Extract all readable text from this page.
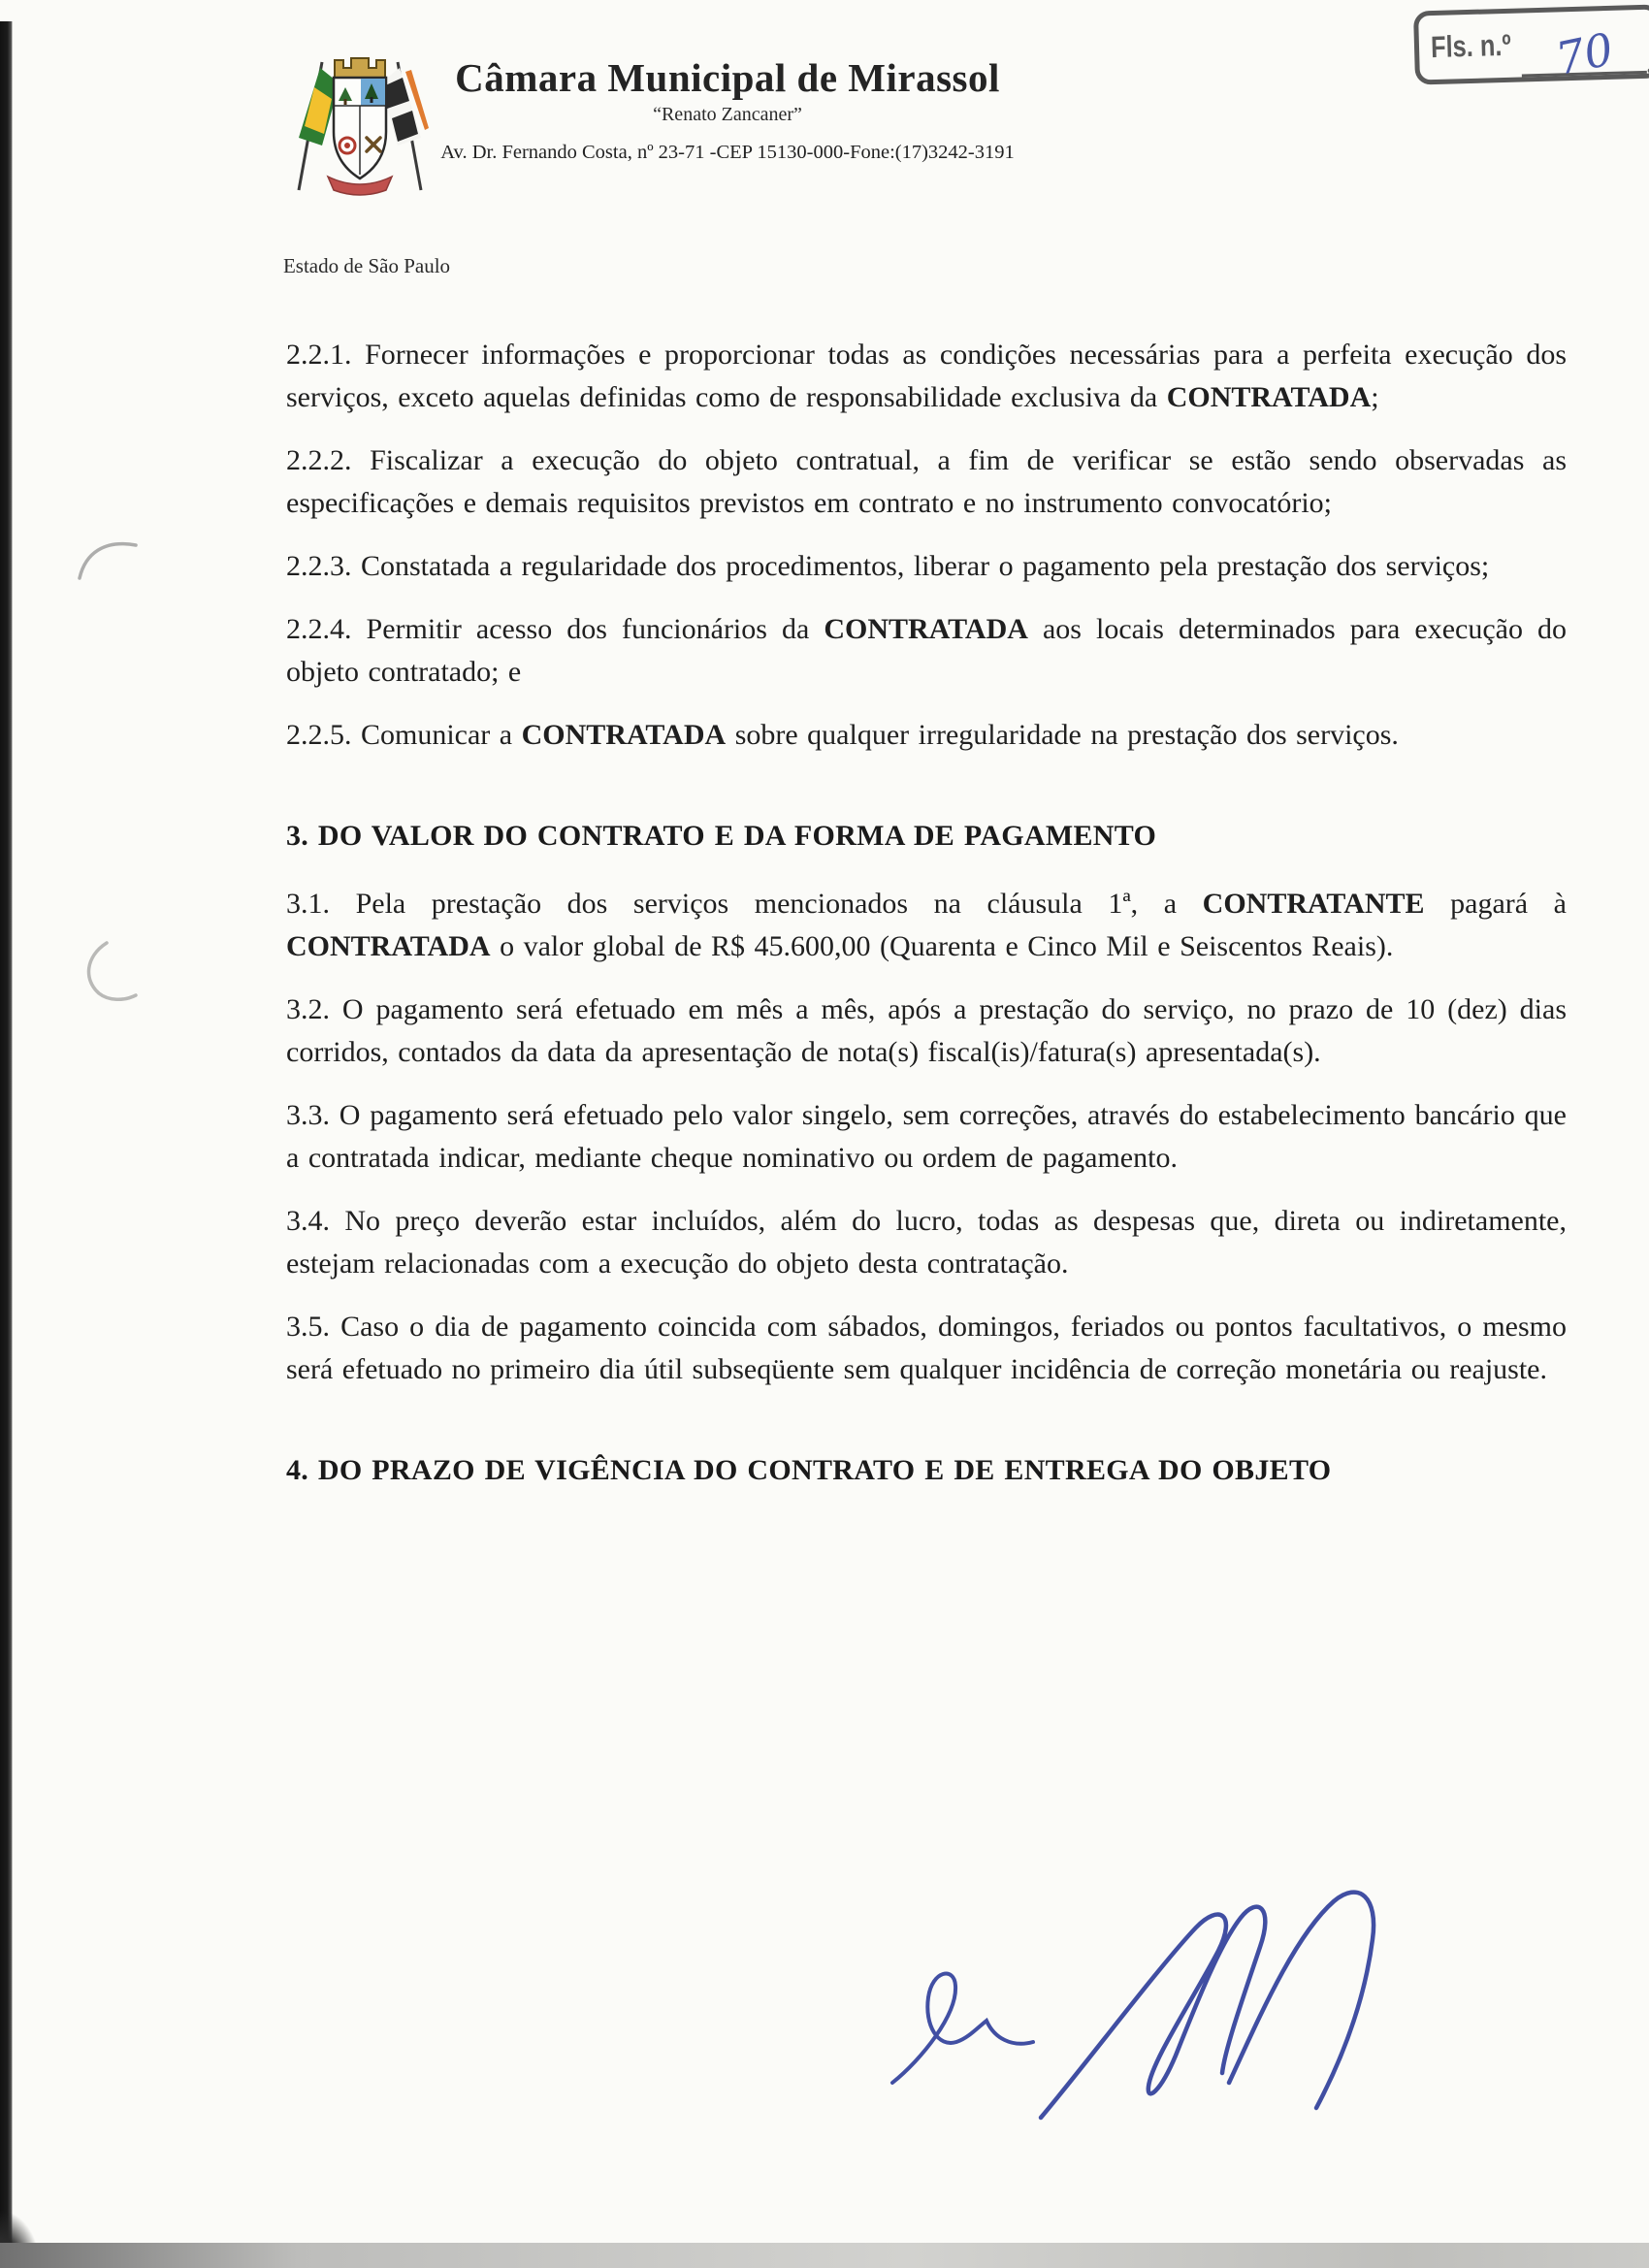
Fls. n.º 70 .
Estado de São Paulo
Câmara Municipal de Mirassol
“Renato Zancaner”
Av. Dr. Fernando Costa, nº 23-71 -CEP 15130-000-Fone:(17)3242-3191
2.2.1. Fornecer informações e proporcionar todas as condições necessárias para a perfeita execução dos serviços, exceto aquelas definidas como de responsabilidade exclusiva da CONTRATADA;
2.2.2. Fiscalizar a execução do objeto contratual, a fim de verificar se estão sendo observadas as especificações e demais requisitos previstos em contrato e no instrumento convocatório;
2.2.3. Constatada a regularidade dos procedimentos, liberar o pagamento pela prestação dos serviços;
2.2.4. Permitir acesso dos funcionários da CONTRATADA aos locais determinados para execução do objeto contratado; e
2.2.5. Comunicar a CONTRATADA sobre qualquer irregularidade na prestação dos serviços.
3. DO VALOR DO CONTRATO E DA FORMA DE PAGAMENTO
3.1. Pela prestação dos serviços mencionados na cláusula 1ª, a CONTRATANTE pagará à CONTRATADA o valor global de R$ 45.600,00 (Quarenta e Cinco Mil e Seiscentos Reais).
3.2. O pagamento será efetuado em mês a mês, após a prestação do serviço, no prazo de 10 (dez) dias corridos, contados da data da apresentação de nota(s) fiscal(is)/fatura(s) apresentada(s).
3.3. O pagamento será efetuado pelo valor singelo, sem correções, através do estabelecimento bancário que a contratada indicar, mediante cheque nominativo ou ordem de pagamento.
3.4. No preço deverão estar incluídos, além do lucro, todas as despesas que, direta ou indiretamente, estejam relacionadas com a execução do objeto desta contratação.
3.5. Caso o dia de pagamento coincida com sábados, domingos, feriados ou pontos facultativos, o mesmo será efetuado no primeiro dia útil subseqüente sem qualquer incidência de correção monetária ou reajuste.
4. DO PRAZO DE VIGÊNCIA DO CONTRATO E DE ENTREGA DO OBJETO
